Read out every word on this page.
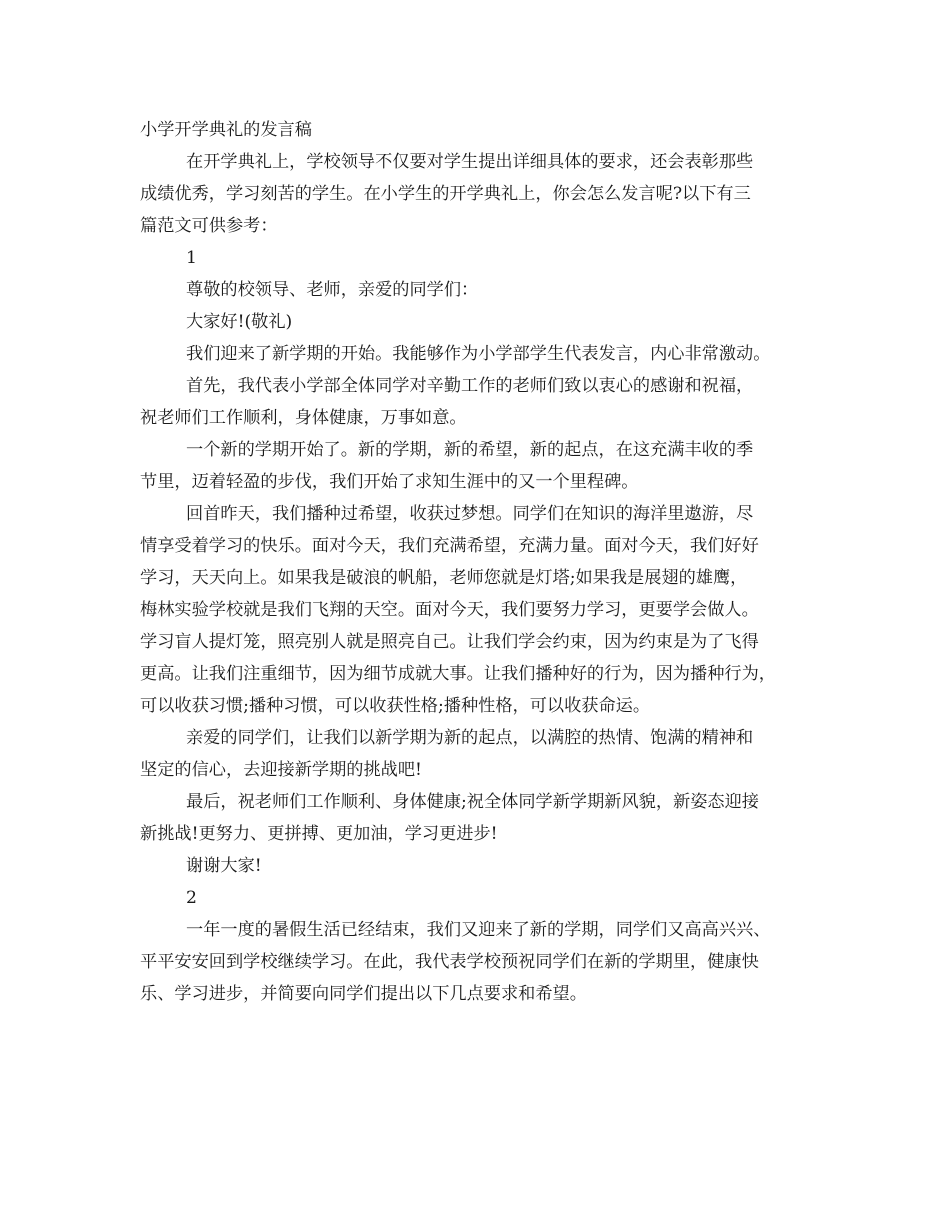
小学开学典礼的发言稿

在开学典礼上，学校领导不仅要对学生提出详细具体的要求，还会表彰那些

成绩优秀，学习刻苦的学生。在小学生的开学典礼上，你会怎么发言呢?以下有三

篇范文可供参考：

1

尊敬的校领导、老师，亲爱的同学们：

大家好!(敬礼)

我们迎来了新学期的开始。我能够作为小学部学生代表发言，内心非常激动。

首先，我代表小学部全体同学对辛勤工作的老师们致以衷心的感谢和祝福，

祝老师们工作顺利，身体健康，万事如意。

一个新的学期开始了。新的学期，新的希望，新的起点，在这充满丰收的季

节里，迈着轻盈的步伐，我们开始了求知生涯中的又一个里程碑。

回首昨天，我们播种过希望，收获过梦想。同学们在知识的海洋里遨游，尽

情享受着学习的快乐。面对今天，我们充满希望，充满力量。面对今天，我们好好

学习，天天向上。如果我是破浪的帆船，老师您就是灯塔;如果我是展翅的雄鹰，

梅林实验学校就是我们飞翔的天空。面对今天，我们要努力学习，更要学会做人。

学习盲人提灯笼，照亮别人就是照亮自己。让我们学会约束，因为约束是为了飞得

更高。让我们注重细节，因为细节成就大事。让我们播种好的行为，因为播种行为，

可以收获习惯;播种习惯，可以收获性格;播种性格，可以收获命运。

亲爱的同学们，让我们以新学期为新的起点，以满腔的热情、饱满的精神和

坚定的信心，去迎接新学期的挑战吧!

最后，祝老师们工作顺利、身体健康;祝全体同学新学期新风貌，新姿态迎接

新挑战!更努力、更拼搏、更加油，学习更进步!

谢谢大家!

2

一年一度的暑假生活已经结束，我们又迎来了新的学期，同学们又高高兴兴、

平平安安回到学校继续学习。在此，我代表学校预祝同学们在新的学期里，健康快

乐、学习进步，并简要向同学们提出以下几点要求和希望。
